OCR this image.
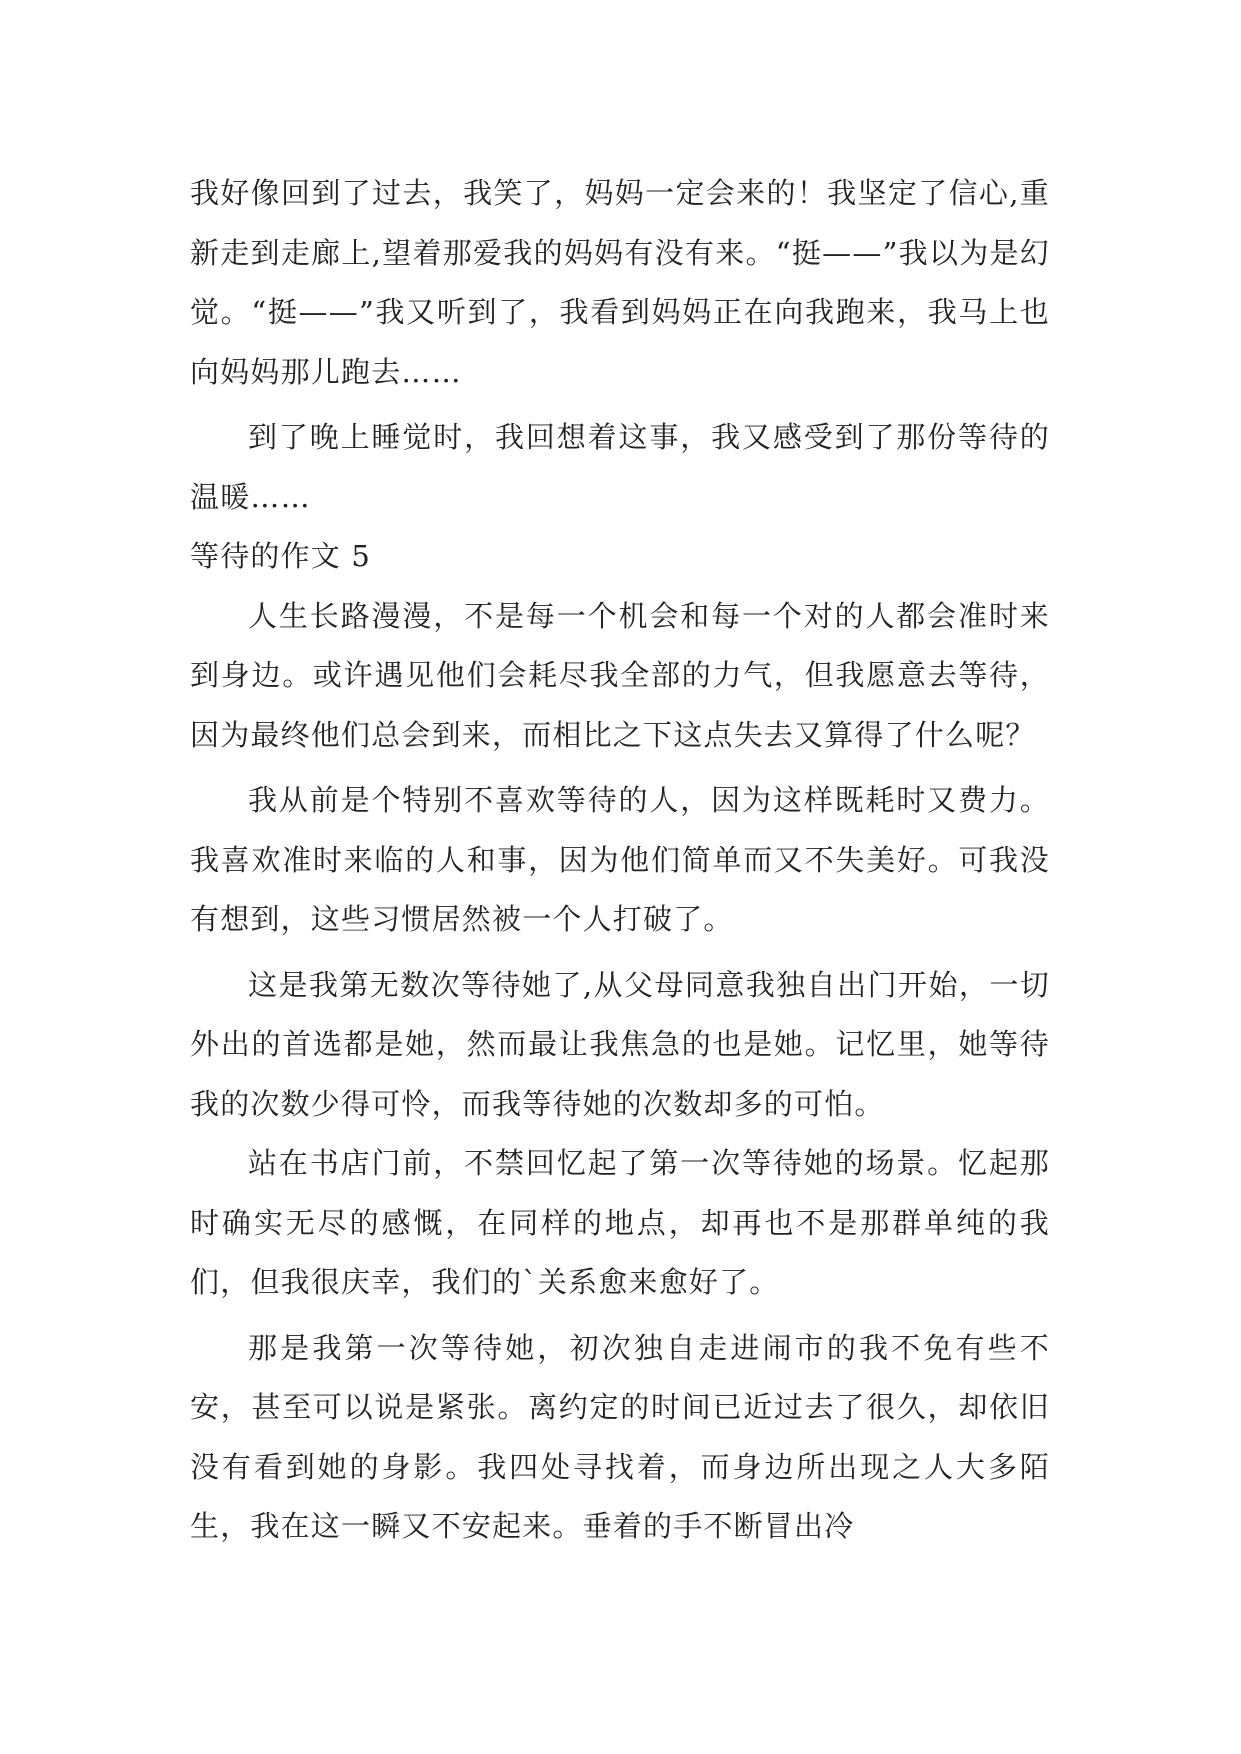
我好像回到了过去，我笑了，妈妈一定会来的！我坚定了信心,重新走到走廊上,望着那爱我的妈妈有没有来。“挺——”我以为是幻觉。“挺——”我又听到了，我看到妈妈正在向我跑来，我马上也向妈妈那儿跑去……

到了晚上睡觉时，我回想着这事，我又感受到了那份等待的温暖……

等待的作文 5

人生长路漫漫，不是每一个机会和每一个对的人都会准时来到身边。或许遇见他们会耗尽我全部的力气，但我愿意去等待，因为最终他们总会到来，而相比之下这点失去又算得了什么呢？

我从前是个特别不喜欢等待的人，因为这样既耗时又费力。我喜欢准时来临的人和事，因为他们简单而又不失美好。可我没有想到，这些习惯居然被一个人打破了。

这是我第无数次等待她了,从父母同意我独自出门开始，一切外出的首选都是她，然而最让我焦急的也是她。记忆里，她等待我的次数少得可怜，而我等待她的次数却多的可怕。

站在书店门前，不禁回忆起了第一次等待她的场景。忆起那时确实无尽的感慨，在同样的地点，却再也不是那群单纯的我们，但我很庆幸，我们的`关系愈来愈好了。

那是我第一次等待她，初次独自走进闹市的我不免有些不安，甚至可以说是紧张。离约定的时间已近过去了很久，却依旧没有看到她的身影。我四处寻找着，而身边所出现之人大多陌生，我在这一瞬又不安起来。垂着的手不断冒出冷
